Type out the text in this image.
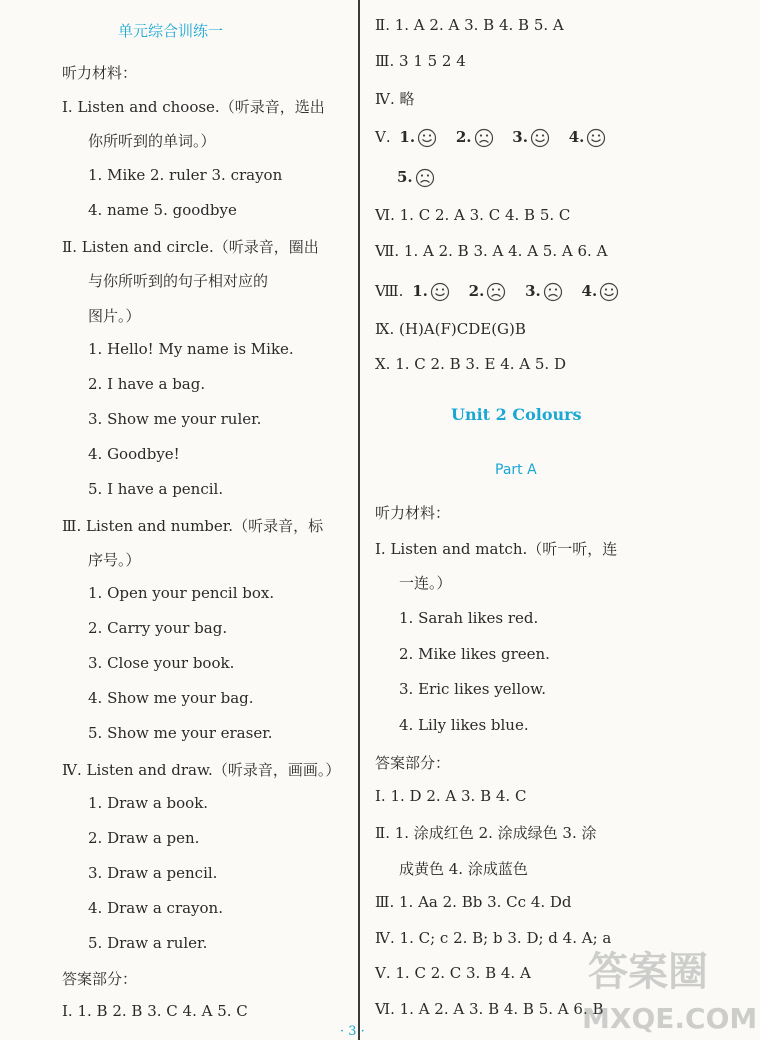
单元综合训练一
听力材料：
Ⅰ. Listen and choose.（听录音，选出
你所听到的单词。）
1. Mike 2. ruler 3. crayon
4. name 5. goodbye
Ⅱ. Listen and circle.（听录音，圈出
与你所听到的句子相对应的
图片。）
1. Hello! My name is Mike.
2. I have a bag.
3. Show me your ruler.
4. Goodbye!
5. I have a pencil.
Ⅲ. Listen and number.（听录音，标
序号。）
1. Open your pencil box.
2. Carry your bag.
3. Close your book.
4. Show me your bag.
5. Show me your eraser.
Ⅳ. Listen and draw.（听录音，画画。）
1. Draw a book.
2. Draw a pen.
3. Draw a pencil.
4. Draw a crayon.
5. Draw a ruler.
答案部分：
Ⅰ. 1. B 2. B 3. C 4. A 5. C
Ⅱ. 1. A 2. A 3. B 4. B 5. A
Ⅲ. 3 1 5 2 4
Ⅳ. 略
Ⅴ. 1.	2.	3.	4.
5.
Ⅵ. 1. C 2. A 3. C 4. B 5. C
Ⅶ. 1. A 2. B 3. A 4. A 5. A 6. A
Ⅷ. 1.	2.	3.	4.
Ⅸ. (H)A(F)CDE(G)B
Ⅹ. 1. C 2. B 3. E 4. A 5. D
Unit 2 Colours
Part A
听力材料：
Ⅰ. Listen and match.（听一听，连
一连。）
1. Sarah likes red.
2. Mike likes green.
3. Eric likes yellow.
4. Lily likes blue.
答案部分：
Ⅰ. 1. D 2. A 3. B 4. C
Ⅱ. 1. 涂成红色 2. 涂成绿色 3. 涂
成黄色 4. 涂成蓝色
Ⅲ. 1. Aa 2. Bb 3. Cc 4. Dd
Ⅳ. 1. C; c 2. B; b 3. D; d 4. A; a
Ⅴ. 1. C 2. C 3. B 4. A
Ⅵ. 1. A 2. A 3. B 4. B 5. A 6. B
· 3 ·
答案圈
MXQE.COM
